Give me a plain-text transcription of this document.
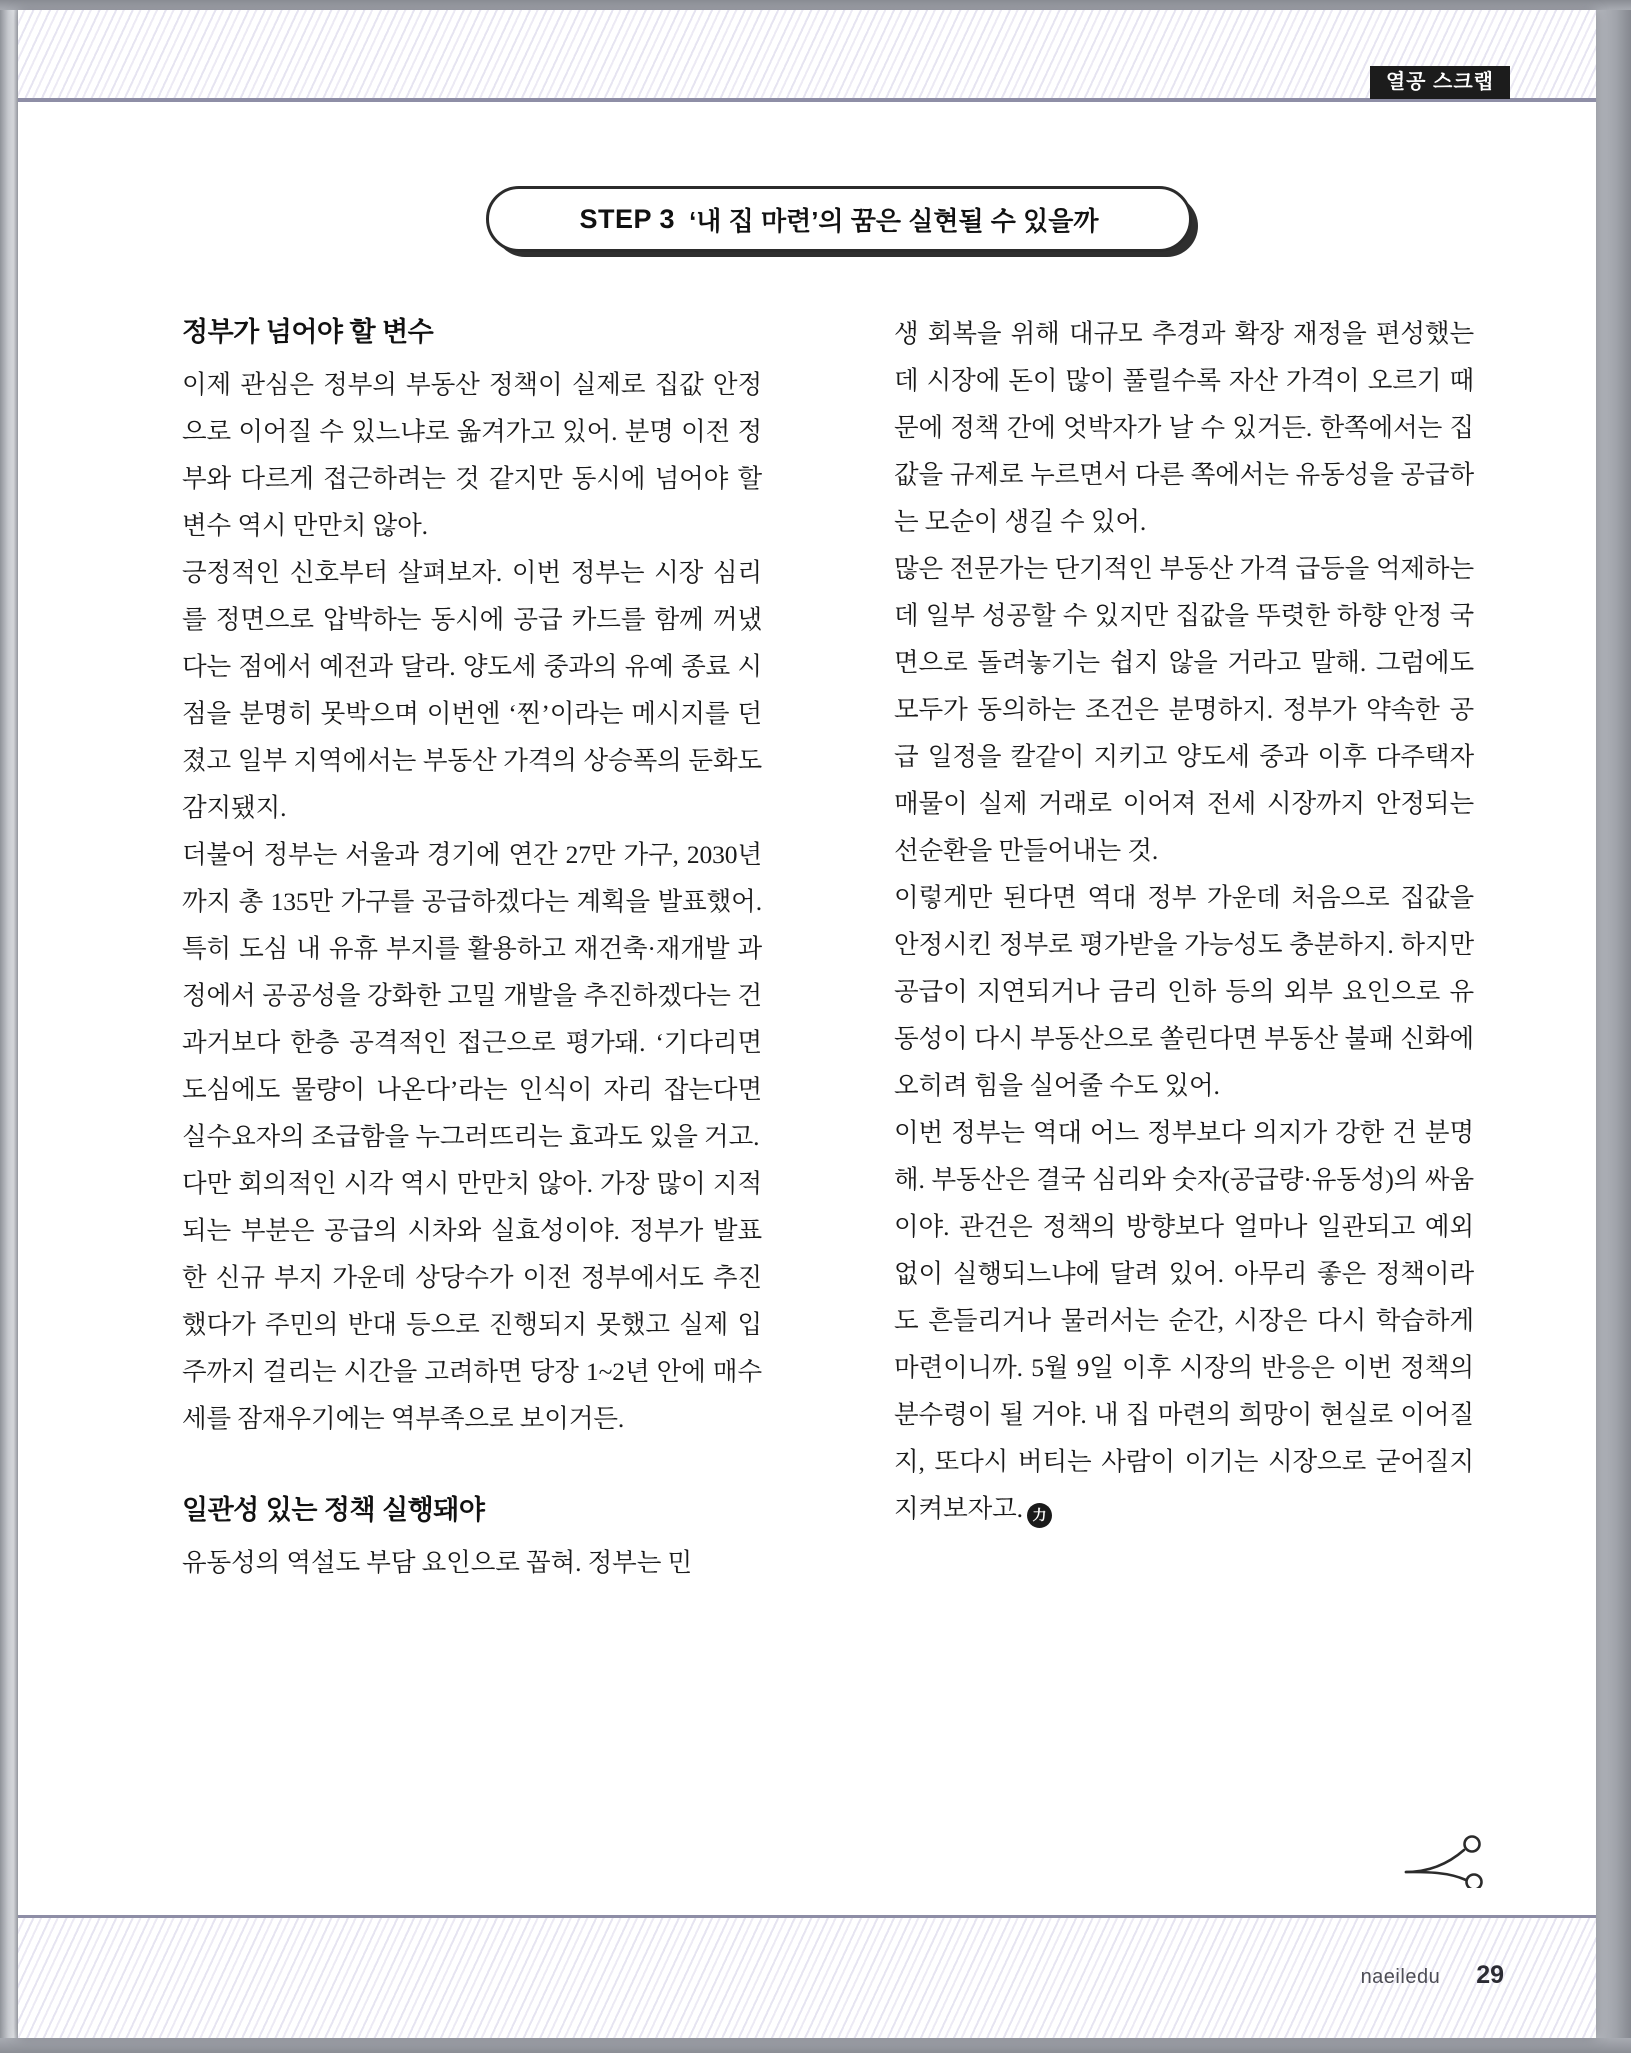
열공 스크랩
STEP 3 ‘내 집 마련’의 꿈은 실현될 수 있을까
정부가 넘어야 할 변수

이제 관심은 정부의 부동산 정책이 실제로 집값 안정으로 이어질 수 있느냐로 옮겨가고 있어. 분명 이전 정부와 다르게 접근하려는 것 같지만 동시에 넘어야 할 변수 역시 만만치 않아.

긍정적인 신호부터 살펴보자. 이번 정부는 시장 심리를 정면으로 압박하는 동시에 공급 카드를 함께 꺼냈다는 점에서 예전과 달라. 양도세 중과의 유예 종료 시점을 분명히 못박으며 이번엔 ‘찐’이라는 메시지를 던졌고 일부 지역에서는 부동산 가격의 상승폭의 둔화도 감지됐지.

더불어 정부는 서울과 경기에 연간 27만 가구, 2030년까지 총 135만 가구를 공급하겠다는 계획을 발표했어. 특히 도심 내 유휴 부지를 활용하고 재건축·재개발 과정에서 공공성을 강화한 고밀 개발을 추진하겠다는 건 과거보다 한층 공격적인 접근으로 평가돼. ‘기다리면 도심에도 물량이 나온다’라는 인식이 자리 잡는다면 실수요자의 조급함을 누그러뜨리는 효과도 있을 거고.

다만 회의적인 시각 역시 만만치 않아. 가장 많이 지적되는 부분은 공급의 시차와 실효성이야. 정부가 발표한 신규 부지 가운데 상당수가 이전 정부에서도 추진했다가 주민의 반대 등으로 진행되지 못했고 실제 입주까지 걸리는 시간을 고려하면 당장 1~2년 안에 매수세를 잠재우기에는 역부족으로 보이거든.

일관성 있는 정책 실행돼야

유동성의 역설도 부담 요인으로 꼽혀. 정부는 민

생 회복을 위해 대규모 추경과 확장 재정을 편성했는데 시장에 돈이 많이 풀릴수록 자산 가격이 오르기 때문에 정책 간에 엇박자가 날 수 있거든. 한쪽에서는 집값을 규제로 누르면서 다른 쪽에서는 유동성을 공급하는 모순이 생길 수 있어.

많은 전문가는 단기적인 부동산 가격 급등을 억제하는 데 일부 성공할 수 있지만 집값을 뚜렷한 하향 안정 국면으로 돌려놓기는 쉽지 않을 거라고 말해. 그럼에도 모두가 동의하는 조건은 분명하지. 정부가 약속한 공급 일정을 칼같이 지키고 양도세 중과 이후 다주택자 매물이 실제 거래로 이어져 전세 시장까지 안정되는 선순환을 만들어내는 것.

이렇게만 된다면 역대 정부 가운데 처음으로 집값을 안정시킨 정부로 평가받을 가능성도 충분하지. 하지만 공급이 지연되거나 금리 인하 등의 외부 요인으로 유동성이 다시 부동산으로 쏠린다면 부동산 불패 신화에 오히려 힘을 실어줄 수도 있어.

이번 정부는 역대 어느 정부보다 의지가 강한 건 분명해. 부동산은 결국 심리와 숫자(공급량·유동성)의 싸움이야. 관건은 정책의 방향보다 얼마나 일관되고 예외 없이 실행되느냐에 달려 있어. 아무리 좋은 정책이라도 흔들리거나 물러서는 순간, 시장은 다시 학습하게 마련이니까. 5월 9일 이후 시장의 반응은 이번 정책의 분수령이 될 거야. 내 집 마련의 희망이 현실로 이어질지, 또다시 버티는 사람이 이기는 시장으로 굳어질지 지켜보자고. 力

naeiledu 29
